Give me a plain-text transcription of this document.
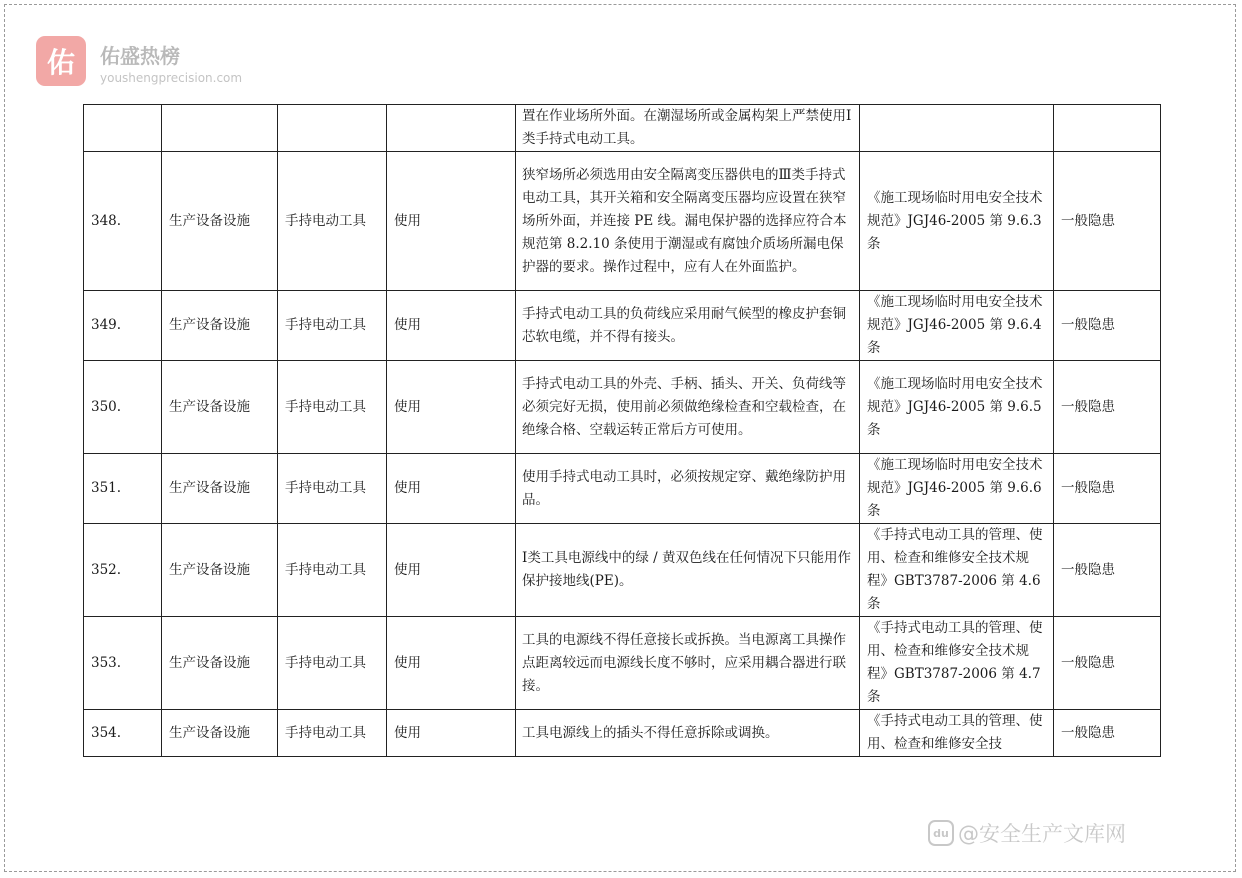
佑	佑盛热榜
youshengprecision.com
				置在作业场所外面。在潮湿场所或金属构架上严禁使用Ⅰ类手持式电动工具。		
348.	生产设备设施	手持电动工具	使用	狭窄场所必须选用由安全隔离变压器供电的Ⅲ类手持式电动工具，其开关箱和安全隔离变压器均应设置在狭窄场所外面，并连接 PE 线。漏电保护器的选择应符合本规范第 8.2.10 条使用于潮湿或有腐蚀介质场所漏电保护器的要求。操作过程中，应有人在外面监护。	《施工现场临时用电安全技术规范》JGJ46-2005 第 9.6.3 条	一般隐患
349.	生产设备设施	手持电动工具	使用	手持式电动工具的负荷线应采用耐气候型的橡皮护套铜芯软电缆，并不得有接头。	《施工现场临时用电安全技术规范》JGJ46-2005 第 9.6.4 条	一般隐患
350.	生产设备设施	手持电动工具	使用	手持式电动工具的外壳、手柄、插头、开关、负荷线等必须完好无损，使用前必须做绝缘检查和空载检查，在绝缘合格、空载运转正常后方可使用。	《施工现场临时用电安全技术规范》JGJ46-2005 第 9.6.5 条	一般隐患
351.	生产设备设施	手持电动工具	使用	使用手持式电动工具时，必须按规定穿、戴绝缘防护用品。	《施工现场临时用电安全技术规范》JGJ46-2005 第 9.6.6 条	一般隐患
352.	生产设备设施	手持电动工具	使用	Ⅰ类工具电源线中的绿 / 黄双色线在任何情况下只能用作保护接地线(PE)。	《手持式电动工具的管理、使用、检查和维修安全技术规程》GBT3787-2006 第 4.6 条	一般隐患
353.	生产设备设施	手持电动工具	使用	工具的电源线不得任意接长或拆换。当电源离工具操作点距离较远而电源线长度不够时，应采用耦合器进行联接。	《手持式电动工具的管理、使用、检查和维修安全技术规程》GBT3787-2006 第 4.7 条	一般隐患
354.	生产设备设施	手持电动工具	使用	工具电源线上的插头不得任意拆除或调换。	《手持式电动工具的管理、使用、检查和维修安全技	一般隐患
du @安全生产文库网
